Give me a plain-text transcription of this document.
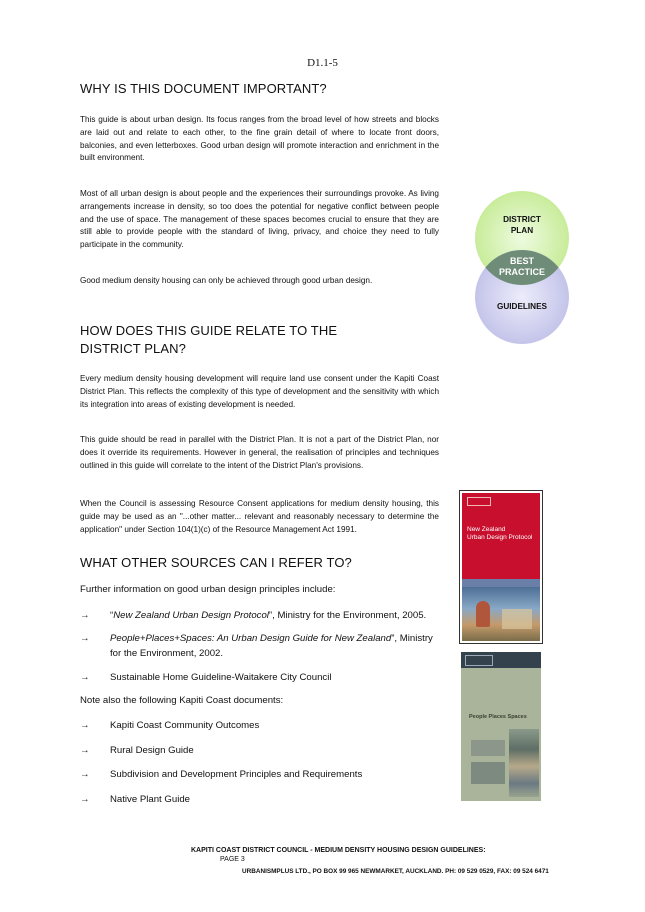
D1.1-5
WHY IS THIS DOCUMENT IMPORTANT?

This guide is about urban design. Its focus ranges from the broad level of how streets and blocks are laid out and relate to each other, to the fine grain detail of where to locate front doors, balconies, and even letterboxes. Good urban design will promote interaction and enrichment in the built environment.

Most of all urban design is about people and the experiences their surroundings provoke. As living arrangements increase in density, so too does the potential for negative conflict between people and the use of space. The management of these spaces becomes crucial to ensure that they are still able to provide people with the standard of living, privacy, and choice they need to fully participate in the community.

Good medium density housing can only be achieved through good urban design.

HOW DOES THIS GUIDE RELATE TO THE
DISTRICT PLAN?

Every medium density housing development will require land use consent under the Kapiti Coast District Plan. This reflects the complexity of this type of development and the sensitivity with which its integration into areas of existing development is needed.

This guide should be read in parallel with the District Plan. It is not a part of the District Plan, nor does it override its requirements. However in general, the realisation of principles and techniques outlined in this guide will correlate to the intent of the District Plan's provisions.

When the Council is assessing Resource Consent applications for medium density housing, this guide may be used as an "...other matter... relevant and reasonably necessary to determine the application" under Section 104(1)(c) of the Resource Management Act 1991.

WHAT OTHER SOURCES CAN I REFER TO?

Further information on good urban design principles include:

→	“New Zealand Urban Design Protocol”, Ministry for the Environment, 2005.
→	People+Places+Spaces: An Urban Design Guide for New Zealand”, Ministry for the Environment, 2002.
→	Sustainable Home Guideline-Waitakere City Council

Note also the following Kapiti Coast documents:

→	Kapiti Coast Community Outcomes
→	Rural Design Guide
→	Subdivision and Development Principles and Requirements
→	Native Plant Guide
DISTRICT
PLAN
BEST
PRACTICE
GUIDELINES
New Zealand
Urban Design Protocol
People Places Spaces
KAPITI COAST DISTRICT COUNCIL - MEDIUM DENSITY HOUSING DESIGN GUIDELINES:
PAGE 3
URBANISMPLUS LTD., PO BOX 99 965 NEWMARKET, AUCKLAND. PH: 09 529 0529, FAX: 09 524 6471
